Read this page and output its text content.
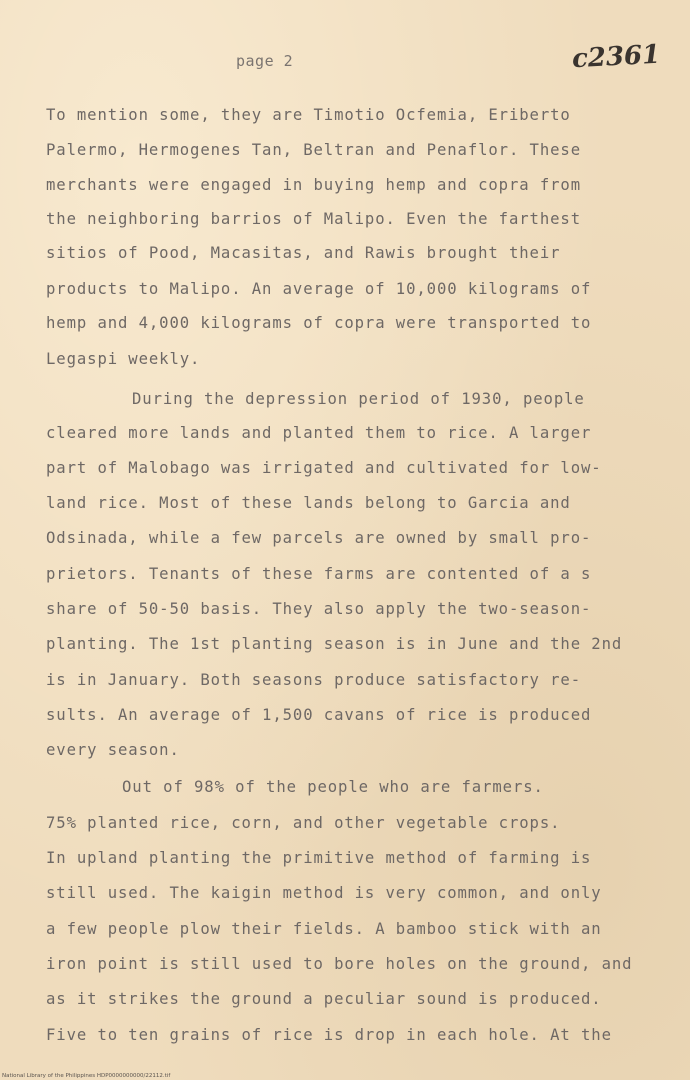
page 2	c2361
To mention some, they are Timotio Ocfemia, Eriberto
Palermo, Hermogenes Tan, Beltran and Penaflor. These
merchants were engaged in buying hemp and copra from
the neighboring barrios of Malipo. Even the farthest
sitios of Pood, Macasitas, and Rawis brought their
products to Malipo. An average of 10,000 kilograms of
hemp and 4,000 kilograms of copra were transported to
Legaspi weekly.
During the depression period of 1930, people
cleared more lands and planted them to rice. A larger
part of Malobago was irrigated and cultivated for low-
land rice. Most of these lands belong to Garcia and
Odsinada, while a few parcels are owned by small pro-
prietors. Tenants of these farms are contented of a s
share of 50-50 basis. They also apply the two-season-
planting. The 1st planting season is in June and the 2nd
is in January. Both seasons produce satisfactory re-
sults. An average of 1,500 cavans of rice is produced
every season.
Out of 98% of the people who are farmers.
75% planted rice, corn, and other vegetable crops.
In upland planting the primitive method of farming is
still used. The kaigin method is very common, and only
a few people plow their fields. A bamboo stick with an
iron point is still used to bore holes on the ground, and
as it strikes the ground a peculiar sound is produced.
Five to ten grains of rice is drop in each hole. At the
National Library of the Philippines HDP0000000000/22112.tif
